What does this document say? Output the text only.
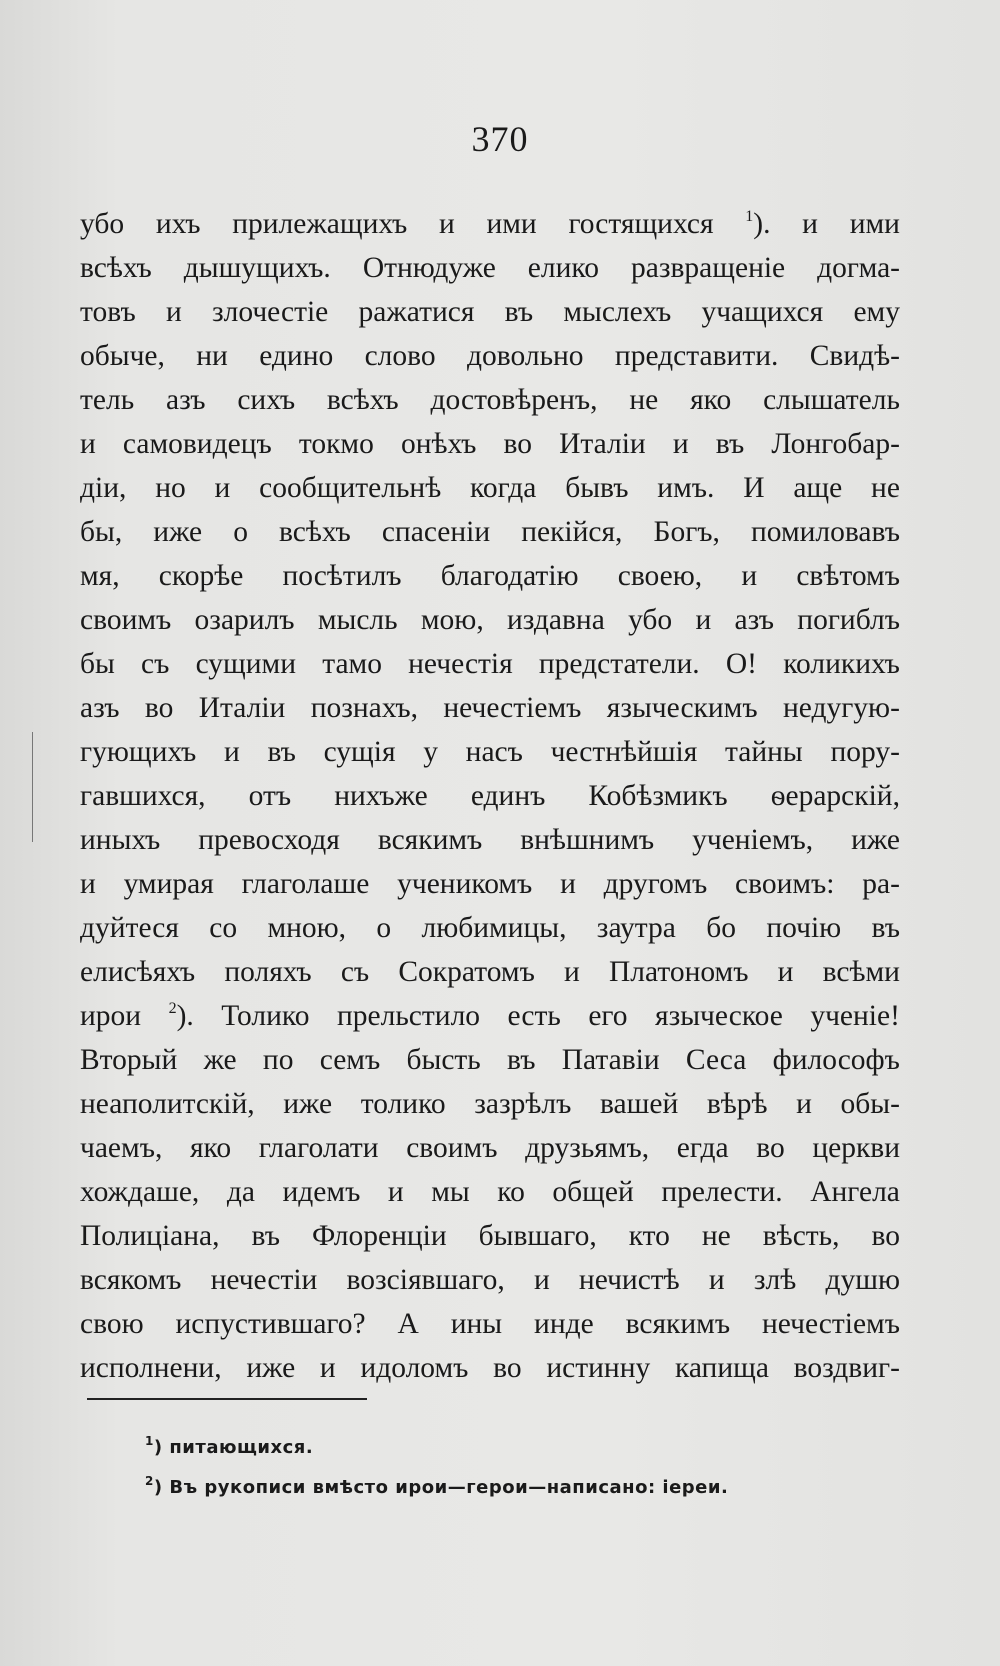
370
убо ихъ прилежащихъ и ими гостящихся $^1$). и ими
всѣхъ дышущихъ. Отнюдуже елико развращеніе догма-
товъ и злочестіе ражатися въ мыслехъ учащихся ему
обыче, ни едино слово довольно представити. Свидѣ-
тель азъ сихъ всѣхъ достовѣренъ, не яко слышатель
и самовидецъ токмо онѣхъ во Италіи и въ Лонгобар-
діи, но и сообщительнѣ когда бывъ имъ. И аще не
бы, иже о всѣхъ спасеніи пекійся, Богъ, помиловавъ
мя, скорѣе посѣтилъ благодатію своею, и свѣтомъ
своимъ озарилъ мысль мою, издавна убо и азъ погиблъ
бы съ сущими тамо нечестія предстатели. О! коликихъ
азъ во Италіи познахъ, нечестіемъ языческимъ недугую-
гующихъ и въ сущія у насъ честнѣйшія тайны пору-
гавшихся, отъ нихъже единъ Кобѣзмикъ ѳерарскій,
иныхъ превосходя всякимъ внѣшнимъ ученіемъ, иже
и умирая глаголаше ученикомъ и другомъ своимъ: ра-
дуйтеся со мною, о любимицы, заутра бо почію въ
елисѣяхъ поляхъ съ Сократомъ и Платономъ и всѣми
ирои $^2$). Толико прельстило есть его языческое ученіе!
Вторый же по семъ бысть въ Патавіи Сеса философъ
неаполитскій, иже толико зазрѣлъ вашей вѣрѣ и обы-
чаемъ, яко глаголати своимъ друзьямъ, егда во церкви
хождаше, да идемъ и мы ко общей прелести. Ангела
Полиціана, въ Флоренціи бывшаго, кто не вѣсть, во
всякомъ нечестіи возсіявшаго, и нечистѣ и злѣ душю
свою испустившаго? А ины инде всякимъ нечестіемъ
исполнени, иже и идоломъ во истинну капища воздвиг-
$^1$) питающихся.
$^2$) Въ рукописи вмѣсто ирои—герои—написано: іереи.
